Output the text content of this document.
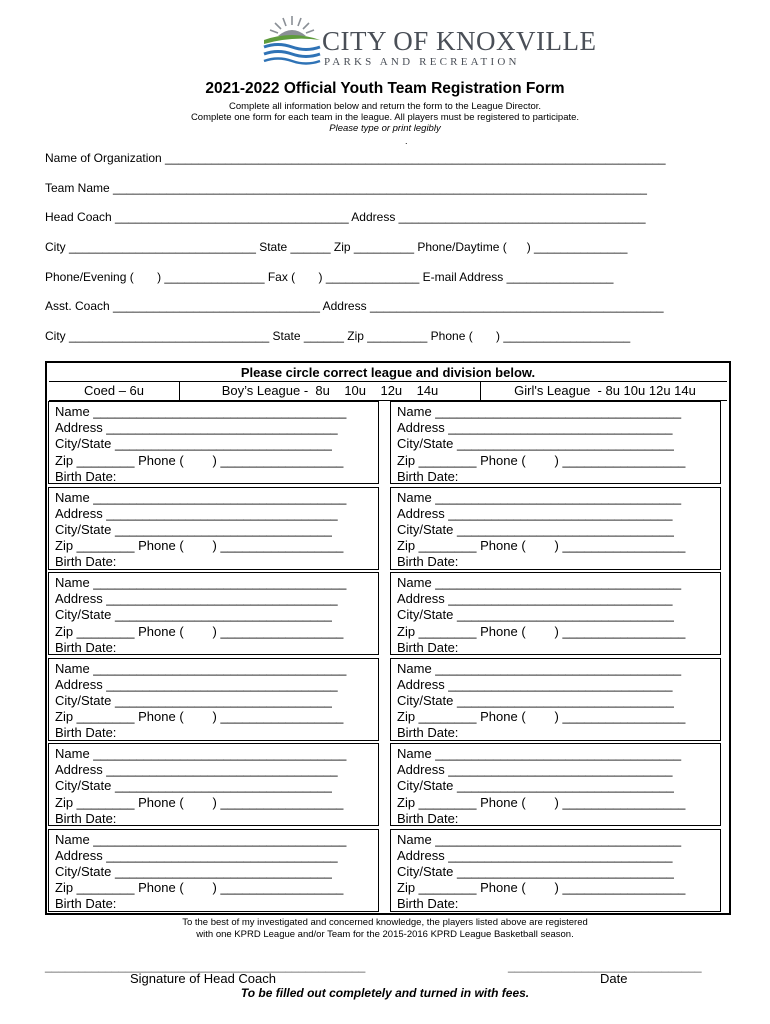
CITY OF KNOXVILLE
PARKS AND RECREATION
2021-2022 Official Youth Team Registration Form
Complete all information below and return the form to the League Director.
Complete one form for each team in the league. All players must be registered to participate.
Please type or print legibly
.
Name of Organization ___________________________________________________________________________
Team Name ________________________________________________________________________________
Head Coach ___________________________________ Address _____________________________________
City ____________________________ State ______ Zip _________ Phone/Daytime (      ) ______________
Phone/Evening (       ) _______________ Fax (       ) ______________ E-mail Address ________________
Asst. Coach _______________________________ Address ____________________________________________
City ______________________________ State ______ Zip _________ Phone (       ) ___________________
Please circle correct league and division below.
Coed – 6u	Boy’s League -  8u    10u    12u    14u	Girl's League  - 8u 10u 12u 14u
Name ___________________________________
Address ________________________________
City/State ______________________________
Zip ________ Phone (        ) _________________
Birth Date:
Name __________________________________
Address _______________________________
City/State ______________________________
Zip ________ Phone (        ) _________________
Birth Date:
Name ___________________________________
Address ________________________________
City/State ______________________________
Zip ________ Phone (        ) _________________
Birth Date:
Name __________________________________
Address _______________________________
City/State ______________________________
Zip ________ Phone (        ) _________________
Birth Date:
Name ___________________________________
Address ________________________________
City/State ______________________________
Zip ________ Phone (        ) _________________
Birth Date:
Name __________________________________
Address _______________________________
City/State ______________________________
Zip ________ Phone (        ) _________________
Birth Date:
Name ___________________________________
Address ________________________________
City/State ______________________________
Zip ________ Phone (        ) _________________
Birth Date:
Name __________________________________
Address _______________________________
City/State ______________________________
Zip ________ Phone (        ) _________________
Birth Date:
Name ___________________________________
Address ________________________________
City/State ______________________________
Zip ________ Phone (        ) _________________
Birth Date:
Name __________________________________
Address _______________________________
City/State ______________________________
Zip ________ Phone (        ) _________________
Birth Date:
Name ___________________________________
Address ________________________________
City/State ______________________________
Zip ________ Phone (        ) _________________
Birth Date:
Name __________________________________
Address _______________________________
City/State ______________________________
Zip ________ Phone (        ) _________________
Birth Date:
To the best of my investigated and concerned knowledge, the players listed above are registered
with one KPRD League and/or Team for the 2015-2016 KPRD League Basketball season.
________________________________________________	_____________________________
Signature of Head Coach	Date
To be filled out completely and turned in with fees.
